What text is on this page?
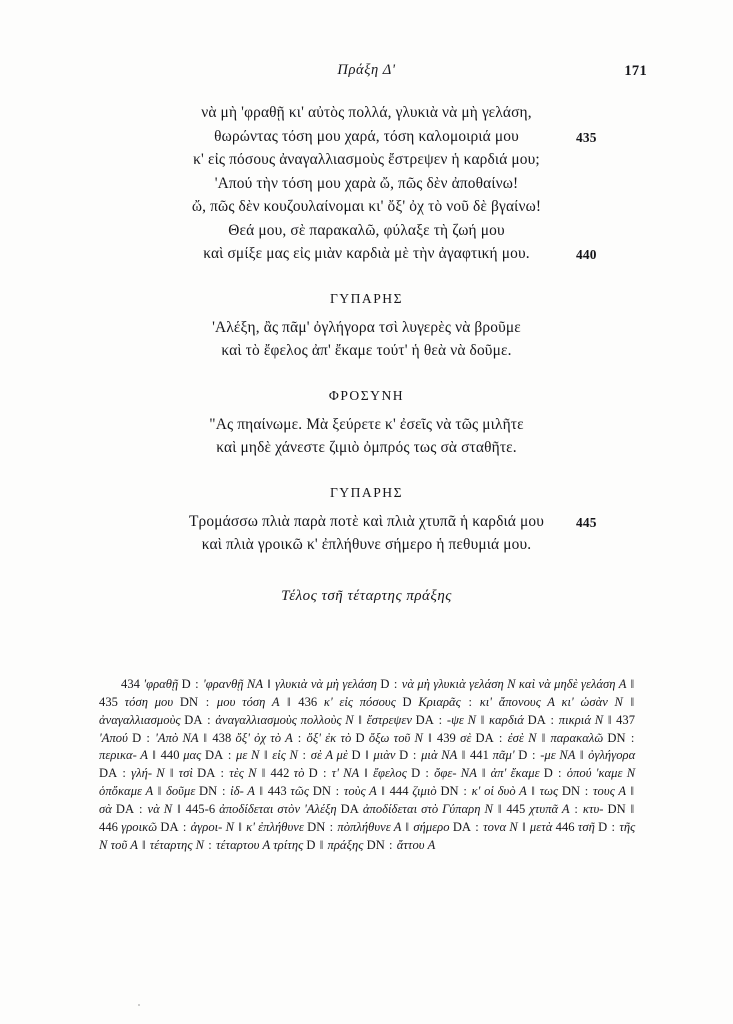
Πράξη Δ'	171
νὰ μὴ 'φραθῇ κι' αὐτὸς πολλά, γλυκιὰ νὰ μὴ γελάση,
θωρώντας τόση μου χαρά, τόση καλομοιριά μου	435
κ' εἰς πόσους ἀναγαλλιασμοὺς ἔστρεψεν ἡ καρδιά μου;
'Απού τὴν τόση μου χαρὰ ὤ, πῶς δὲν ἀποθαίνω!
ὤ, πῶς δὲν κουζουλαίνομαι κι' ὄξ' ὀχ τὸ νοῦ δὲ βγαίνω!
Θεά μου, σὲ παρακαλῶ, φύλαξε τὴ ζωή μου
καὶ σμίξε μας εἰς μιὰν καρδιὰ μὲ τὴν ἀγαφτική μου.	440
ΓΥΠΑΡΗΣ
'Αλέξη, ἂς πᾶμ' ὀγλήγορα τσὶ λυγερὲς νὰ βροῦμε
καὶ τὸ ἔφελος ἀπ' ἔκαμε τούτ' ἡ θεὰ νὰ δοῦμε.
ΦΡΟΣΥΝΗ
"Ας πηαίνωμε. Μὰ ξεύρετε κ' ἐσεῖς νὰ τῶς μιλῆτε
καὶ μηδὲ χάνεστε ζιμιὸ ὀμπρός τως σὰ σταθῆτε.
ΓΥΠΑΡΗΣ
Τρομάσσω πλιὰ παρὰ ποτὲ καὶ πλιὰ χτυπᾶ ἡ καρδιά μου	445
καὶ πλιὰ γροικῶ κ' ἐπλήθυνε σήμερο ἡ πεθυμιά μου.
Τέλος τσῆ τέταρτης πράξης
434 'φραθῇ D : 'φρανθῇ ΝΑ ‖ γλυκιὰ νὰ μὴ γελάση D : νὰ μὴ γλυκιὰ γελάση Ν καὶ νὰ μηδὲ γελάση Α ‖ 435 τόση μου DN : μου τόση Α ‖ 436 κ' εἰς πόσους D Κριαρᾶς : κι' ἄπονους Α κι' ὡσὰν Ν ‖ ἀναγαλλιασμοὺς DA : ἀναγαλλιασμοὺς πολλοὺς Ν ‖ ἔστρεψεν DA : -ψε Ν ‖ καρδιά DA : πικριά Ν ‖ 437 'Απού D : 'Απὸ ΝΑ ‖ 438 ὄξ' ὀχ τὸ Α : ὄξ' ἐκ τὸ D ὄξω τοῦ Ν ‖ 439 σὲ DA : ἐσὲ Ν ‖ παρακαλῶ DN : περικα- Α ‖ 440 μας DA : με Ν ‖ εἰς Ν : σὲ Α μὲ D ‖ μιὰν D : μιὰ ΝΑ ‖ 441 πᾶμ' D : -με ΝΑ ‖ ὀγλήγορα DA : γλή- Ν ‖ τσὶ DA : τὲς Ν ‖ 442 τὸ D : τ' ΝΑ ‖ ἔφελος D : ὄφε- ΝΑ ‖ ἀπ' ἔκαμε D : ὁπού 'καμε Ν ὁπὄκαμε Α ‖ δοῦμε DN : ἰδ- Α ‖ 443 τῶς DN : τοὺς Α ‖ 444 ζιμιὸ DN : κ' οἱ δυὸ Α ‖ τως DN : τους Α ‖ σὰ DA : νὰ Ν ‖ 445-6 ἀποδίδεται στὸν 'Αλέξη DA ἀποδίδεται στὸ Γύπαρη Ν ‖ 445 χτυπᾶ Α : κτυ- DN ‖ 446 γροικῶ DA : ἀγροι- Ν ‖ κ' ἐπλήθυνε DN : πὸπλήθυνε Α ‖ σήμερο DA : τονα Ν ‖ μετὰ 446 τσῆ D : τῆς Ν τοῦ Α ‖ τέταρτης Ν : τέταρτου Α τρίτης D ‖ πράξης DN : ἄττου Α
